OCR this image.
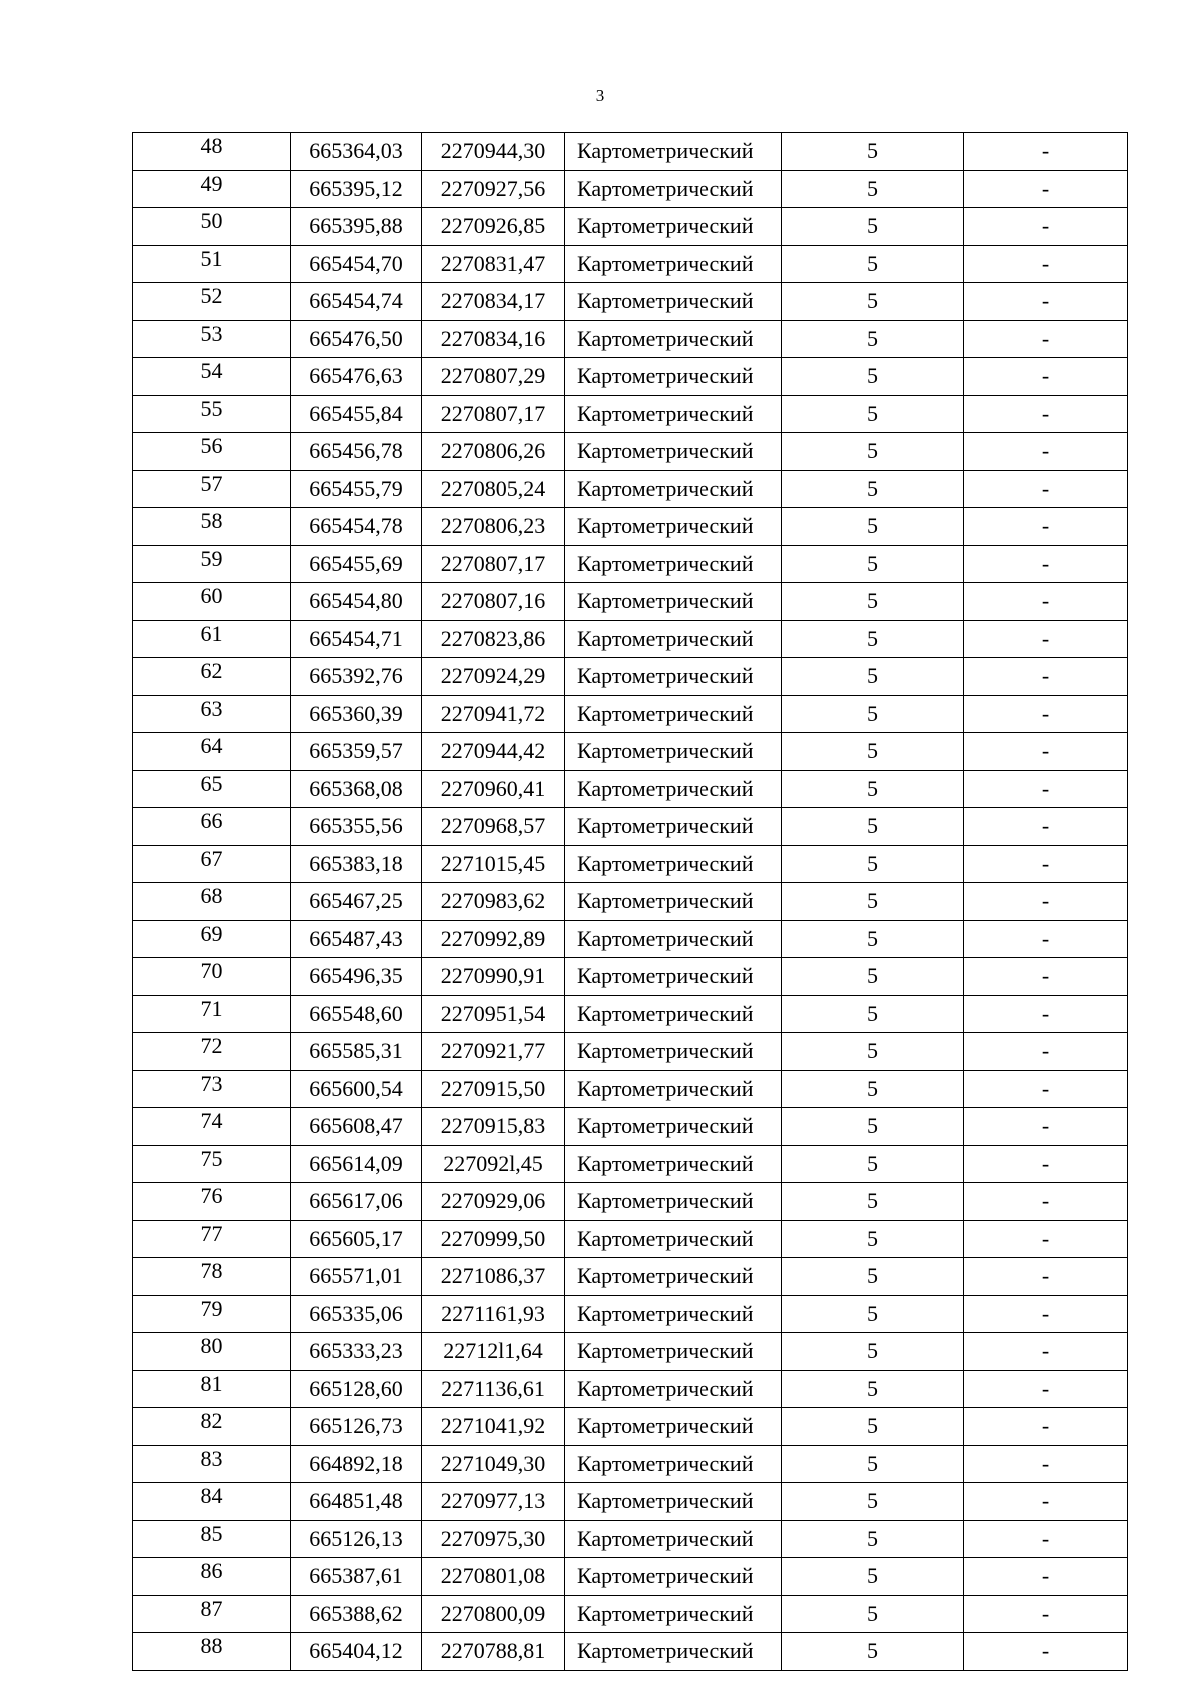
3
48	665364,03	2270944,30	Картометрический	5	-
49	665395,12	2270927,56	Картометрический	5	-
50	665395,88	2270926,85	Картометрический	5	-
51	665454,70	2270831,47	Картометрический	5	-
52	665454,74	2270834,17	Картометрический	5	-
53	665476,50	2270834,16	Картометрический	5	-
54	665476,63	2270807,29	Картометрический	5	-
55	665455,84	2270807,17	Картометрический	5	-
56	665456,78	2270806,26	Картометрический	5	-
57	665455,79	2270805,24	Картометрический	5	-
58	665454,78	2270806,23	Картометрический	5	-
59	665455,69	2270807,17	Картометрический	5	-
60	665454,80	2270807,16	Картометрический	5	-
61	665454,71	2270823,86	Картометрический	5	-
62	665392,76	2270924,29	Картометрический	5	-
63	665360,39	2270941,72	Картометрический	5	-
64	665359,57	2270944,42	Картометрический	5	-
65	665368,08	2270960,41	Картометрический	5	-
66	665355,56	2270968,57	Картометрический	5	-
67	665383,18	2271015,45	Картометрический	5	-
68	665467,25	2270983,62	Картометрический	5	-
69	665487,43	2270992,89	Картометрический	5	-
70	665496,35	2270990,91	Картометрический	5	-
71	665548,60	2270951,54	Картометрический	5	-
72	665585,31	2270921,77	Картометрический	5	-
73	665600,54	2270915,50	Картометрический	5	-
74	665608,47	2270915,83	Картометрический	5	-
75	665614,09	227092l,45	Картометрический	5	-
76	665617,06	2270929,06	Картометрический	5	-
77	665605,17	2270999,50	Картометрический	5	-
78	665571,01	2271086,37	Картометрический	5	-
79	665335,06	2271161,93	Картометрический	5	-
80	665333,23	22712l1,64	Картометрический	5	-
81	665128,60	2271136,61	Картометрический	5	-
82	665126,73	2271041,92	Картометрический	5	-
83	664892,18	2271049,30	Картометрический	5	-
84	664851,48	2270977,13	Картометрический	5	-
85	665126,13	2270975,30	Картометрический	5	-
86	665387,61	2270801,08	Картометрический	5	-
87	665388,62	2270800,09	Картометрический	5	-
88	665404,12	2270788,81	Картометрический	5	-
